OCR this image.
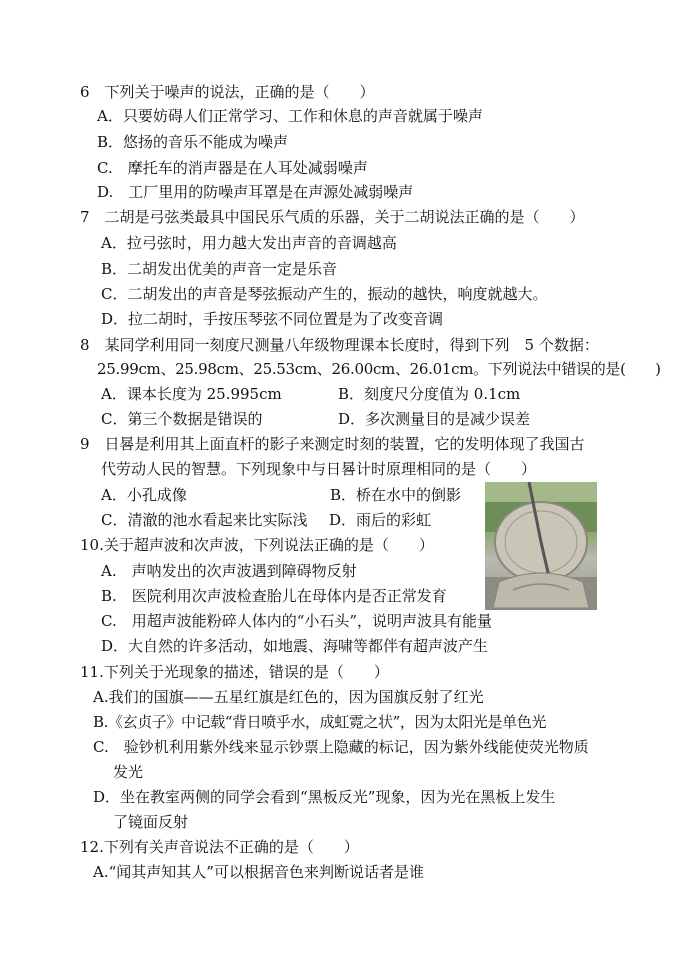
6　下列关于噪声的说法，正确的是（　　）
A．只要妨碍人们正常学习、工作和休息的声音就属于噪声
B．悠扬的音乐不能成为噪声
C.　摩托车的消声器是在人耳处减弱噪声
D.　工厂里用的防噪声耳罩是在声源处减弱噪声
7　二胡是弓弦类最具中国民乐气质的乐器，关于二胡说法正确的是（　　）
A．拉弓弦时，用力越大发出声音的音调越高
B．二胡发出优美的声音一定是乐音
C．二胡发出的声音是琴弦振动产生的，振动的越快，响度就越大。
D．拉二胡时，手按压琴弦不同位置是为了改变音调
8　某同学利用同一刻度尺测量八年级物理课本长度时，得到下列　5 个数据：
25.99cm、25.98cm、25.53cm、26.00cm、26.01cm。下列说法中错误的是(　　)
A．课本长度为 25.995cm	B．刻度尺分度值为 0.1cm
C．第三个数据是错误的	D．多次测量目的是减少误差
9　日晷是利用其上面直杆的影子来测定时刻的装置，它的发明体现了我国古
代劳动人民的智慧。下列现象中与日晷计时原理相同的是（　　）
A．小孔成像	B．桥在水中的倒影
C．清澈的池水看起来比实际浅 D．雨后的彩虹
10.关于超声波和次声波，下列说法正确的是（　　）
A.　声呐发出的次声波遇到障碍物反射
B.　医院利用次声波检查胎儿在母体内是否正常发育
C.　用超声波能粉碎人体内的“小石头”，说明声波具有能量
D．大自然的许多活动，如地震、海啸等都伴有超声波产生
11.下列关于光现象的描述，错误的是（　　）
A.我们的国旗——五星红旗是红色的，因为国旗反射了红光
B.《玄贞子》中记载“背日喷乎水，成虹霓之状”，因为太阳光是单色光
C.　验钞机利用紫外线来显示钞票上隐藏的标记，因为紫外线能使荧光物质
发光
D．坐在教室两侧的同学会看到“黑板反光”现象，因为光在黑板上发生
了镜面反射
12.下列有关声音说法不正确的是（　　）
A.“闻其声知其人”可以根据音色来判断说话者是谁
